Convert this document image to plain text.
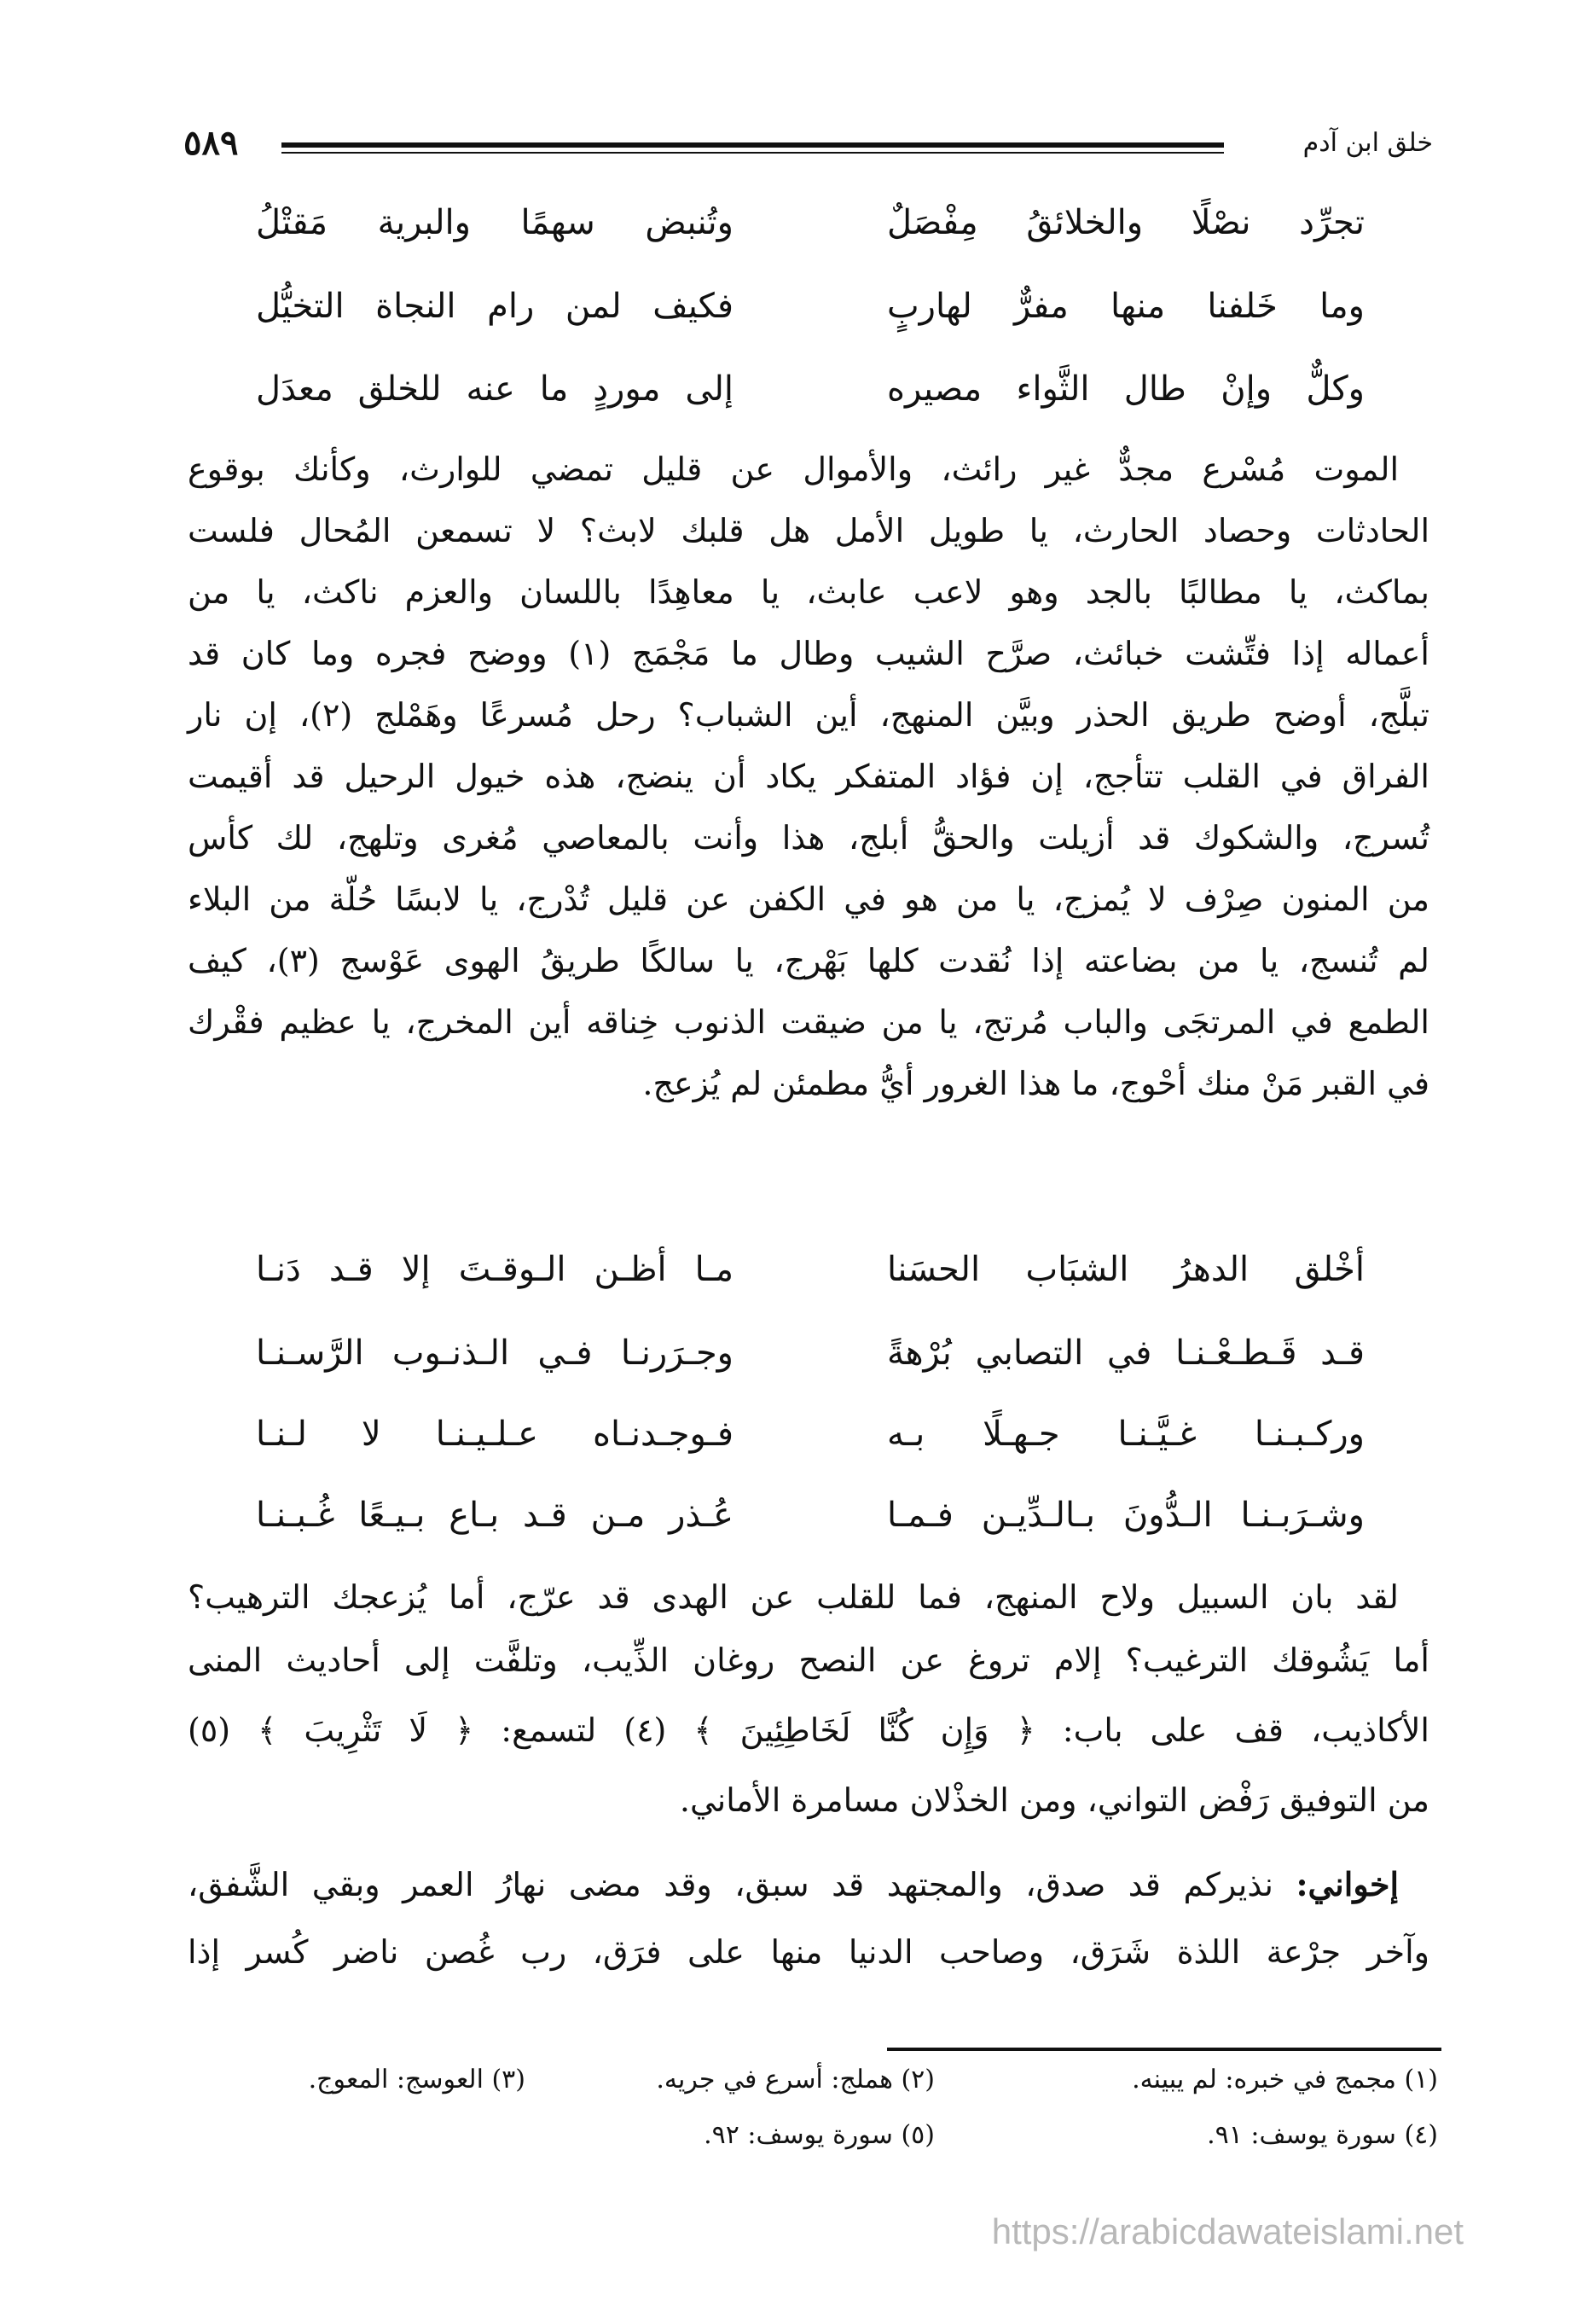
خلق ابن آدم
٥٨٩
تجرِّد نصْلًا والخلائقُ مِفْصَلٌ
وتُنبض سهمًا والبرية مَقتْلُ
وما خَلفنا منها مفرٌّ لهاربٍ
فكيف لمن رام النجاة التخيُّل
وكلٌّ وإنْ طال الثَّواء مصيره
إلى موردٍ ما عنه للخلق معدَل
الموت مُسْرع مجدٌّ غير رائث، والأموال عن قليل تمضي للوارث، وكأنك بوقوع
الحادثات وحصاد الحارث، يا طويل الأمل هل قلبك لابث؟ لا تسمعن المُحال فلست
بماكث، يا مطالبًا بالجد وهو لاعب عابث، يا معاهِدًا باللسان والعزم ناكث، يا من
أعماله إذا فتِّشت خبائث، صرَّح الشيب وطال ما مَجْمَج (١) ووضح فجره وما كان قد
تبلَّج، أوضح طريق الحذر وبيَّن المنهج، أين الشباب؟ رحل مُسرعًا وهَمْلج (٢)، إن نار
الفراق في القلب تتأجج، إن فؤاد المتفكر يكاد أن ينضج، هذه خيول الرحيل قد أقيمت
تُسرج، والشكوك قد أزيلت والحقُّ أبلج، هذا وأنت بالمعاصي مُغرى وتلهج، لك كأس
من المنون صِرْف لا يُمزج، يا من هو في الكفن عن قليل تُدْرج، يا لابسًا حُلّة من البلاء
لم تُنسج، يا من بضاعته إذا نُقدت كلها بَهْرج، يا سالكًا طريقُ الهوى عَوْسج (٣)، كيف
الطمع في المرتجَى والباب مُرتج، يا من ضيقت الذنوب خِناقه أين المخرج، يا عظيم فقْرك
في القبر مَنْ منك أحْوج، ما هذا الغرور أيُّ مطمئن لم يُزعج.
أخْلق الدهرُ الشبَاب الحسَنا
مـا أظـن الـوقـتَ إلا قـد دَنـا
قـد قَـطـعْـنـا في التصابي بُرْهةً
وجـرَرنـا فـي الـذنـوب الرَّسـنـا
وركـبـنـا غـيَّـنـا جـهـلًا بـه
فـوجـدنـاه عـلـيـنـا لا لـنـا
وشـرَبـنـا الـدُّونَ بـالـدِّيـن فـمـا
عُـذر مـن قـد بـاع بـيـعًا غُـبـنـا
لقد بان السبيل ولاح المنهج، فما للقلب عن الهدى قد عرّج، أما يُزعجك الترهيب؟
أما يَشُوقك الترغيب؟ إلام تروغ عن النصح روغان الذِّيب، وتلفَّت إلى أحاديث المنى
الأكاذيب، قف على باب: ﴿ وَإِن كُنَّا لَخَاطِئِينَ ﴾ (٤) لتسمع: ﴿ لَا تَثْرِيبَ ﴾ (٥)
من التوفيق رَفْض التواني، ومن الخذْلان مسامرة الأماني.
إخواني: نذيركم قد صدق، والمجتهد قد سبق، وقد مضى نهارُ العمر وبقي الشَّفق،
وآخر جرْعة اللذة شَرَق، وصاحب الدنيا منها على فرَق، رب غُصن ناضر كُسر إذا
(١) مجمج في خبره: لم يبينه.
(٢) هملج: أسرع في جريه.
(٣) العوسج: المعوج.
(٤) سورة يوسف: ٩١.
(٥) سورة يوسف: ٩٢.
https://arabicdawateislami.net
